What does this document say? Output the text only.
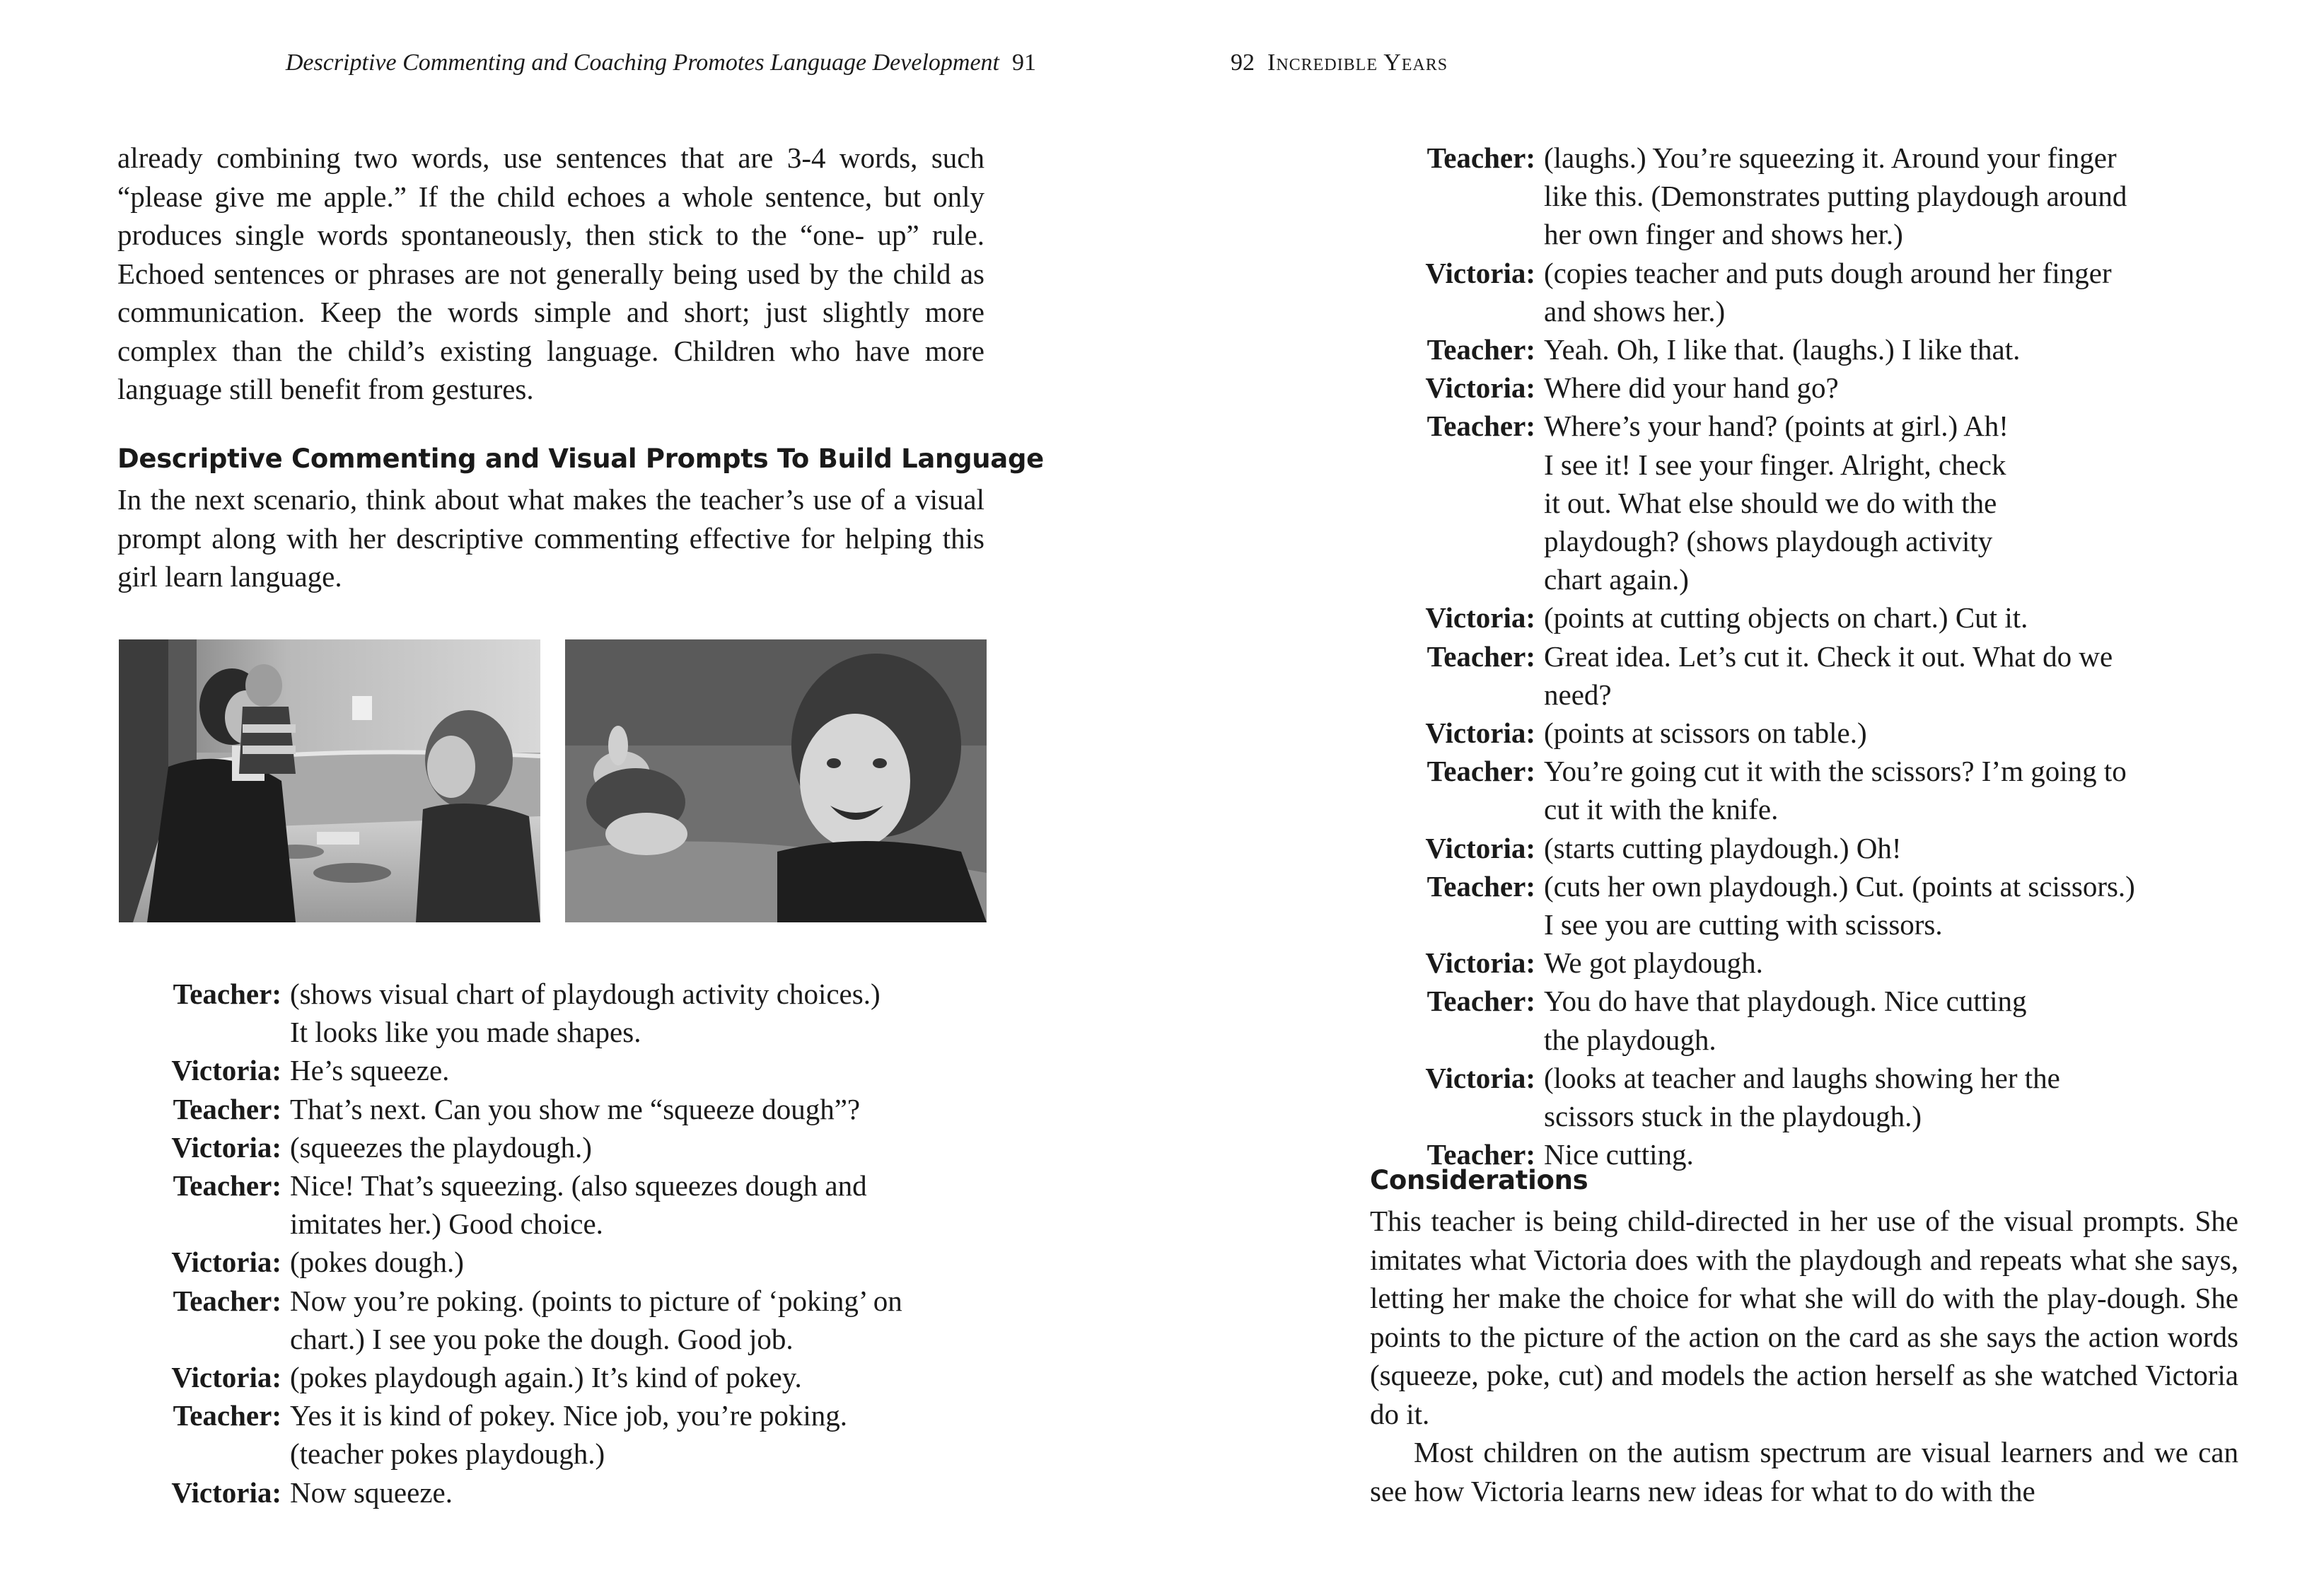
Descriptive Commenting and Coaching Promotes Language Development 91

already combining two words, use sentences that are 3-4 words, such “please give me apple.” If the child echoes a whole sentence, but only produces single words spontaneously, then stick to the “one- up” rule. Echoed sentences or phrases are not generally being used by the child as communication. Keep the words simple and short; just slightly more complex than the child’s existing language. Children who have more language still benefit from gestures.

Descriptive Commenting and Visual Prompts To Build Language

In the next scenario, think about what makes the teacher’s use of a visual prompt along with her descriptive commenting effective for helping this girl learn language.

Teacher: (shows visual chart of playdough activity choices.)
It looks like you made shapes.
Victoria: He’s squeeze.
Teacher: That’s next. Can you show me “squeeze dough”?
Victoria: (squeezes the playdough.)
Teacher: Nice! That’s squeezing. (also squeezes dough and
imitates her.) Good choice.
Victoria: (pokes dough.)
Teacher: Now you’re poking. (points to picture of ‘poking’ on
chart.) I see you poke the dough. Good job.
Victoria: (pokes playdough again.) It’s kind of pokey.
Teacher: Yes it is kind of pokey. Nice job, you’re poking.
(teacher pokes playdough.)
Victoria: Now squeeze.
92 Incredible Years
Teacher: (laughs.) You’re squeezing it. Around your finger
like this. (Demonstrates putting playdough around
her own finger and shows her.)
Victoria: (copies teacher and puts dough around her finger
and shows her.)
Teacher: Yeah. Oh, I like that. (laughs.) I like that.
Victoria: Where did your hand go?
Teacher: Where’s your hand? (points at girl.) Ah!
I see it! I see your finger. Alright, check
it out. What else should we do with the
playdough? (shows playdough activity
chart again.)
Victoria: (points at cutting objects on chart.) Cut it.
Teacher: Great idea. Let’s cut it. Check it out. What do we need?
Victoria: (points at scissors on table.)
Teacher: You’re going cut it with the scissors? I’m going to
cut it with the knife.
Victoria: (starts cutting playdough.) Oh!
Teacher: (cuts her own playdough.) Cut. (points at scissors.)
I see you are cutting with scissors.
Victoria: We got playdough.
Teacher: You do have that playdough. Nice cutting
the playdough.
Victoria: (looks at teacher and laughs showing her the
scissors stuck in the playdough.)
Teacher: Nice cutting.
Considerations

This teacher is being child-directed in her use of the visual prompts. She imitates what Victoria does with the playdough and repeats what she says, letting her make the choice for what she will do with the play-dough. She points to the picture of the action on the card as she says the action words (squeeze, poke, cut) and models the action herself as she watched Victoria do it.

Most children on the autism spectrum are visual learners and we can see how Victoria learns new ideas for what to do with the
